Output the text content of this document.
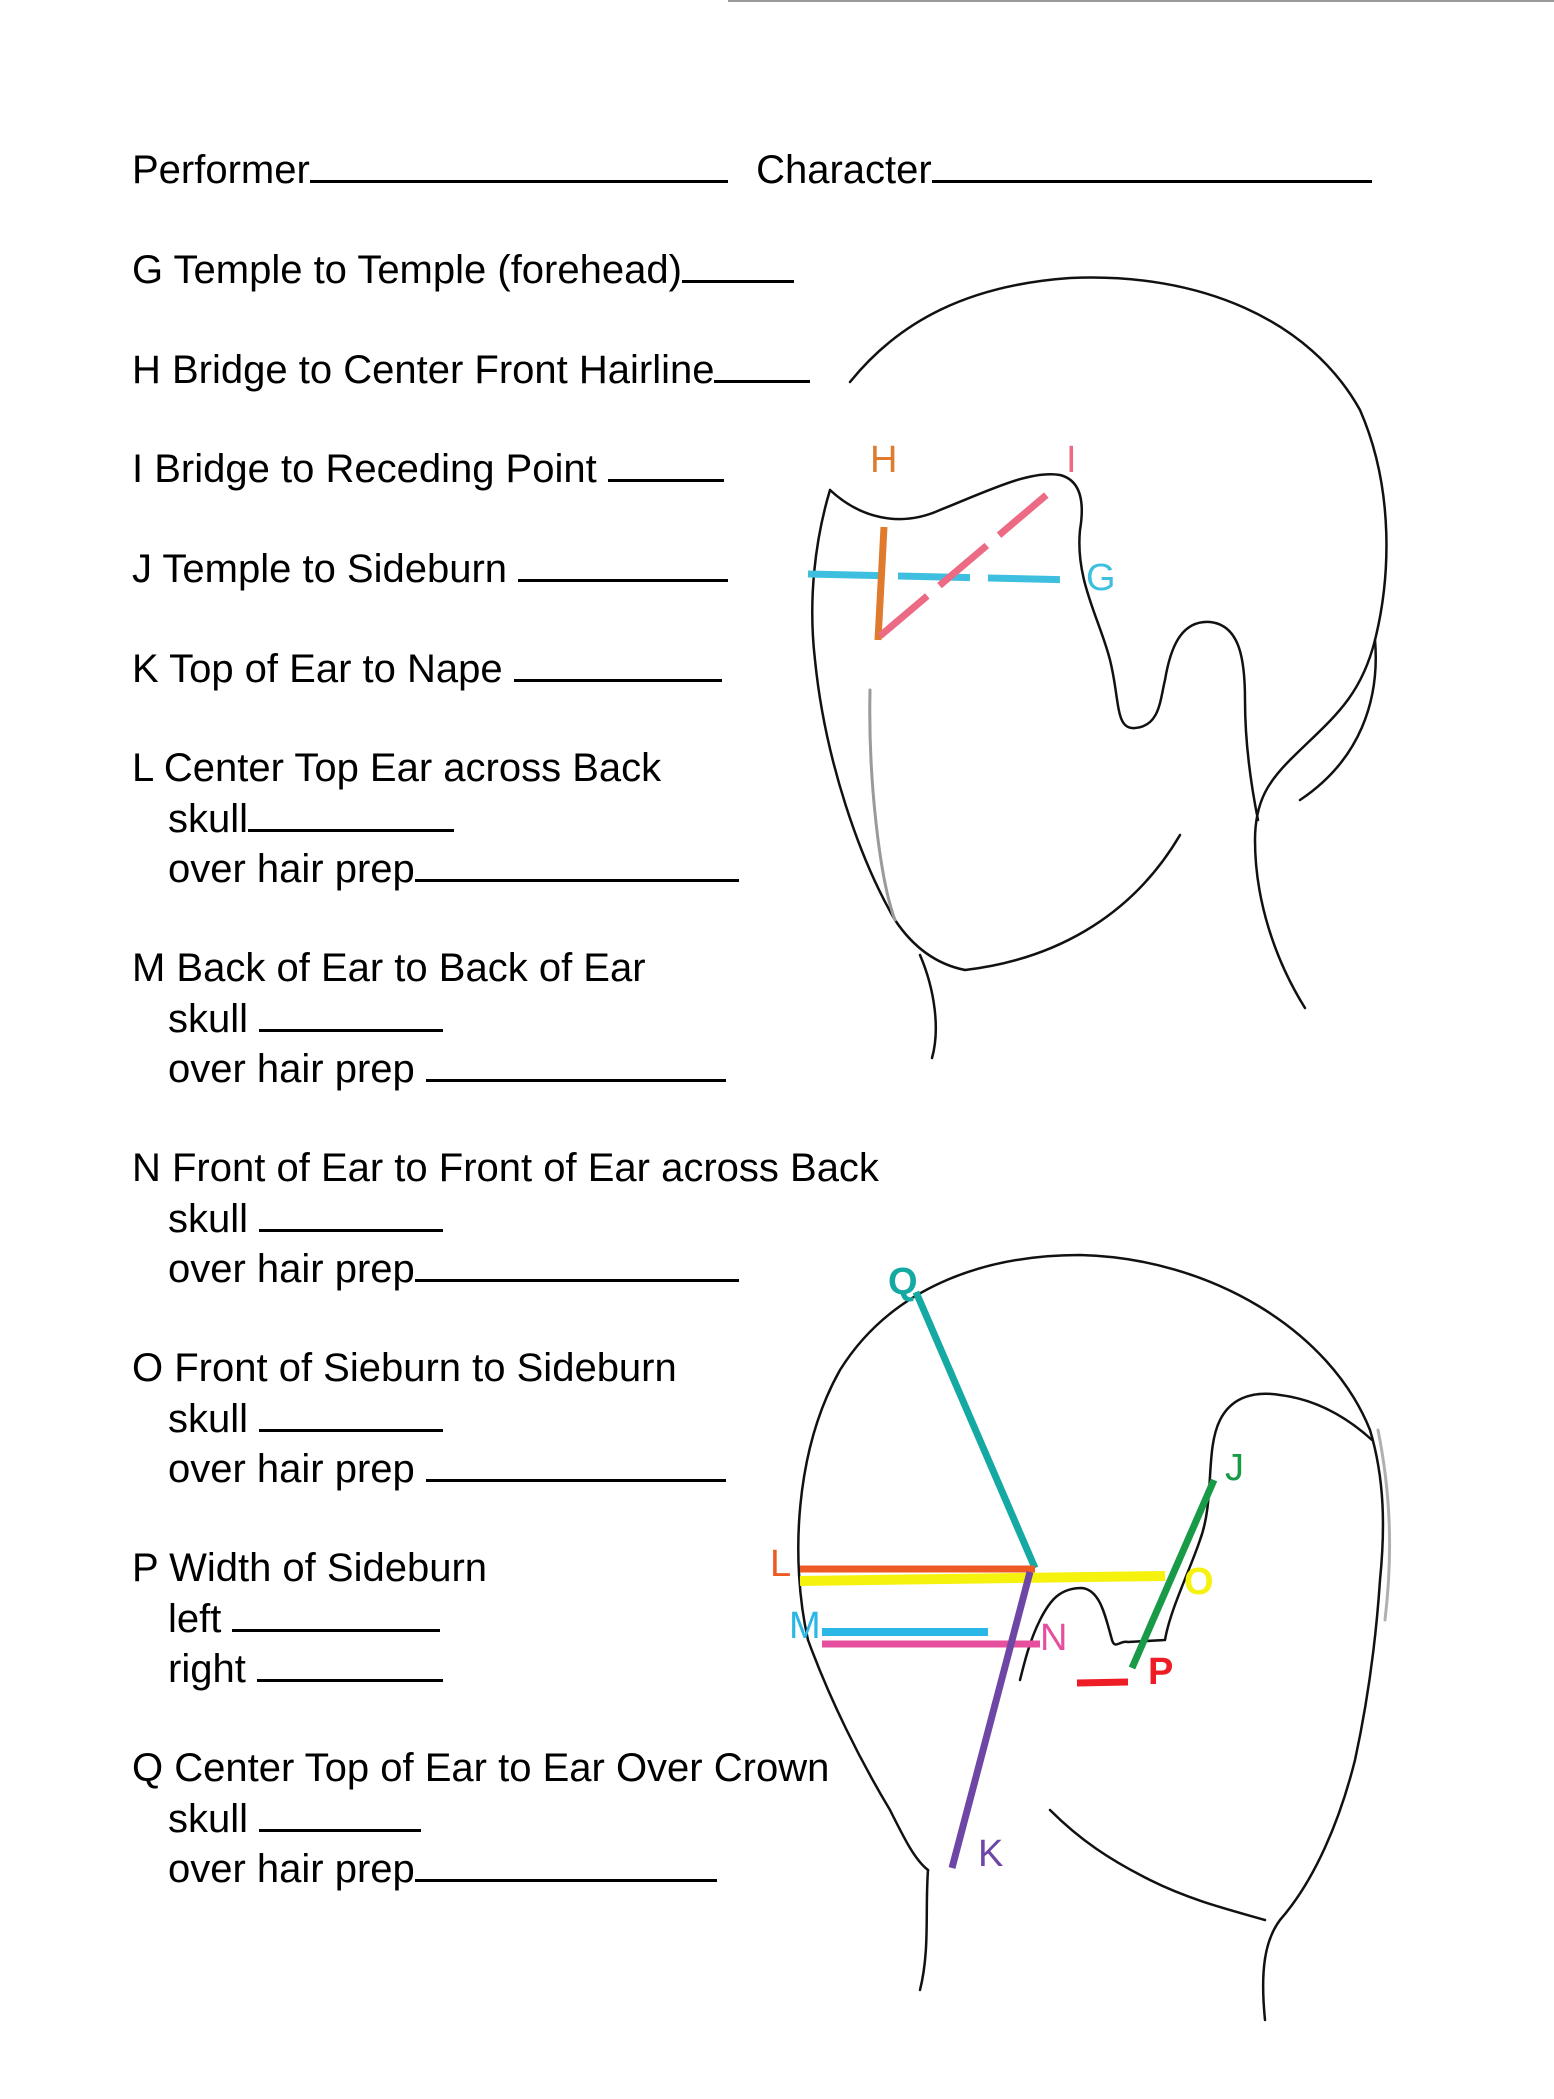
Performer	Character
G Temple to Temple (forehead)
H Bridge to Center Front Hairline
I Bridge to Receding Point
J Temple to Sideburn
K Top of Ear to Nape
L Center Top Ear across Back
skull
over hair prep
M Back of Ear to Back of Ear
skull
over hair prep
N Front of Ear to Front of Ear across Back
skull
over hair prep
O Front of Sieburn to Sideburn
skull
over hair prep
P Width of Sideburn
left
right
Q Center Top of Ear to Ear Over Crown
skull
over hair prep
H	I
G
Q
J
L	O
M	N
P
K
